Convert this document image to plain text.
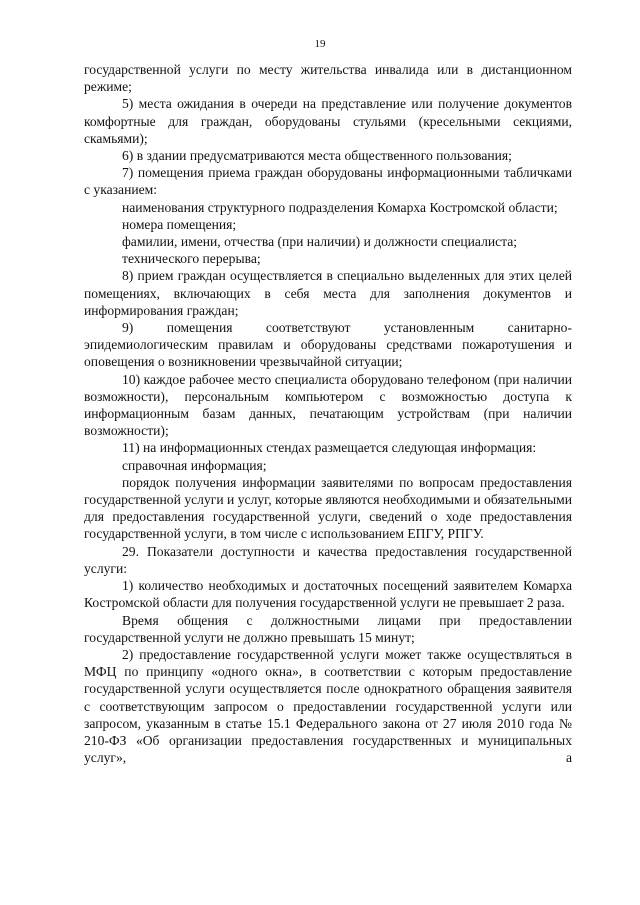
19

государственной услуги по месту жительства инвалида или в дистанционном режиме;

5) места ожидания в очереди на представление или получение документов комфортные для граждан, оборудованы стульями (кресельными секциями, скамьями);

6) в здании предусматриваются места общественного пользования;

7) помещения приема граждан оборудованы информационными табличками с указанием:

наименования структурного подразделения Комарха Костромской области;

номера помещения;

фамилии, имени, отчества (при наличии) и должности специалиста;

технического перерыва;

8) прием граждан осуществляется в специально выделенных для этих целей помещениях, включающих в себя места для заполнения документов и информирования граждан;

9) помещения соответствуют установленным санитарно-эпидемиологическим правилам и оборудованы средствами пожаротушения и оповещения о возникновении чрезвычайной ситуации;

10) каждое рабочее место специалиста оборудовано телефоном (при наличии возможности), персональным компьютером с возможностью доступа к информационным базам данных, печатающим устройствам (при наличии возможности);

11) на информационных стендах размещается следующая информация:

справочная информация;

порядок получения информации заявителями по вопросам предоставления государственной услуги и услуг, которые являются необходимыми и обязательными для предоставления государственной услуги, сведений о ходе предоставления государственной услуги, в том числе с использованием ЕПГУ, РПГУ.

29. Показатели доступности и качества предоставления государственной услуги:

1) количество необходимых и достаточных посещений заявителем Комарха Костромской области для получения государственной услуги не превышает 2 раза.

Время общения с должностными лицами при предоставлении государственной услуги не должно превышать 15 минут;

2) предоставление государственной услуги может также осуществляться в МФЦ по принципу «одного окна», в соответствии с которым предоставление государственной услуги осуществляется после однократного обращения заявителя с соответствующим запросом о предоставлении государственной услуги или запросом, указанным в статье 15.1 Федерального закона от 27 июля 2010 года № 210-ФЗ «Об организации предоставления государственных и муниципальных услуг», а
